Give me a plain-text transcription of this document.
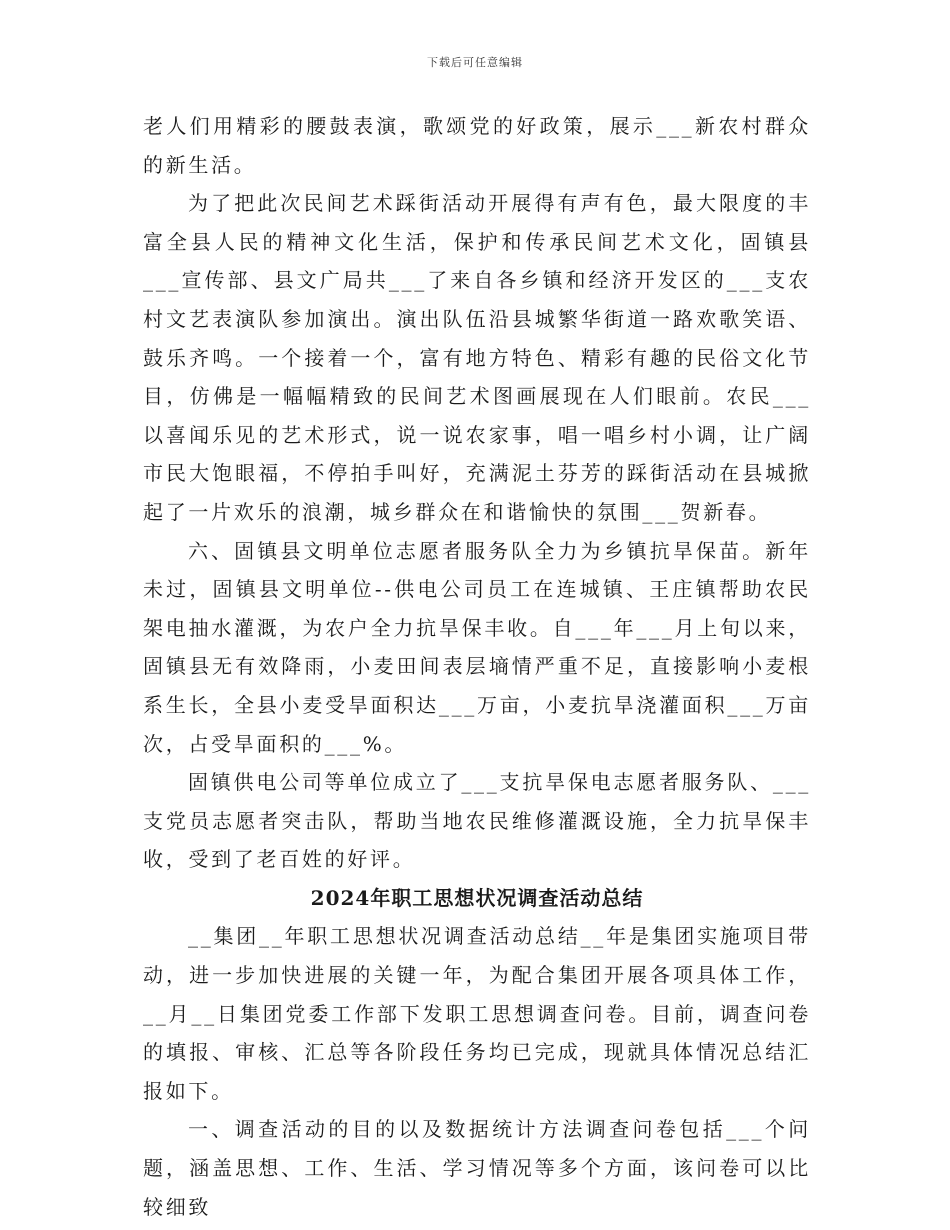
下载后可任意编辑

老人们用精彩的腰鼓表演，歌颂党的好政策，展示___新农村群众的新生活。

为了把此次民间艺术踩街活动开展得有声有色，最大限度的丰富全县人民的精神文化生活，保护和传承民间艺术文化，固镇县___宣传部、县文广局共___了来自各乡镇和经济开发区的___支农村文艺表演队参加演出。演出队伍沿县城繁华街道一路欢歌笑语、鼓乐齐鸣。一个接着一个，富有地方特色、精彩有趣的民俗文化节目，仿佛是一幅幅精致的民间艺术图画展现在人们眼前。农民___以喜闻乐见的艺术形式，说一说农家事，唱一唱乡村小调，让广阔市民大饱眼福，不停拍手叫好，充满泥土芬芳的踩街活动在县城掀起了一片欢乐的浪潮，城乡群众在和谐愉快的氛围___贺新春。

六、固镇县文明单位志愿者服务队全力为乡镇抗旱保苗。新年未过，固镇县文明单位--供电公司员工在连城镇、王庄镇帮助农民架电抽水灌溉，为农户全力抗旱保丰收。自___年___月上旬以来，固镇县无有效降雨，小麦田间表层墒情严重不足，直接影响小麦根系生长，全县小麦受旱面积达___万亩，小麦抗旱浇灌面积___万亩次，占受旱面积的___%。

固镇供电公司等单位成立了___支抗旱保电志愿者服务队、___支党员志愿者突击队，帮助当地农民维修灌溉设施，全力抗旱保丰收，受到了老百姓的好评。

2024年职工思想状况调查活动总结

__集团__年职工思想状况调查活动总结__年是集团实施项目带动，进一步加快进展的关键一年，为配合集团开展各项具体工作，__月__日集团党委工作部下发职工思想调查问卷。目前，调查问卷的填报、审核、汇总等各阶段任务均已完成，现就具体情况总结汇报如下。

一、调查活动的目的以及数据统计方法调查问卷包括___个问题，涵盖思想、工作、生活、学习情况等多个方面，该问卷可以比较细致
